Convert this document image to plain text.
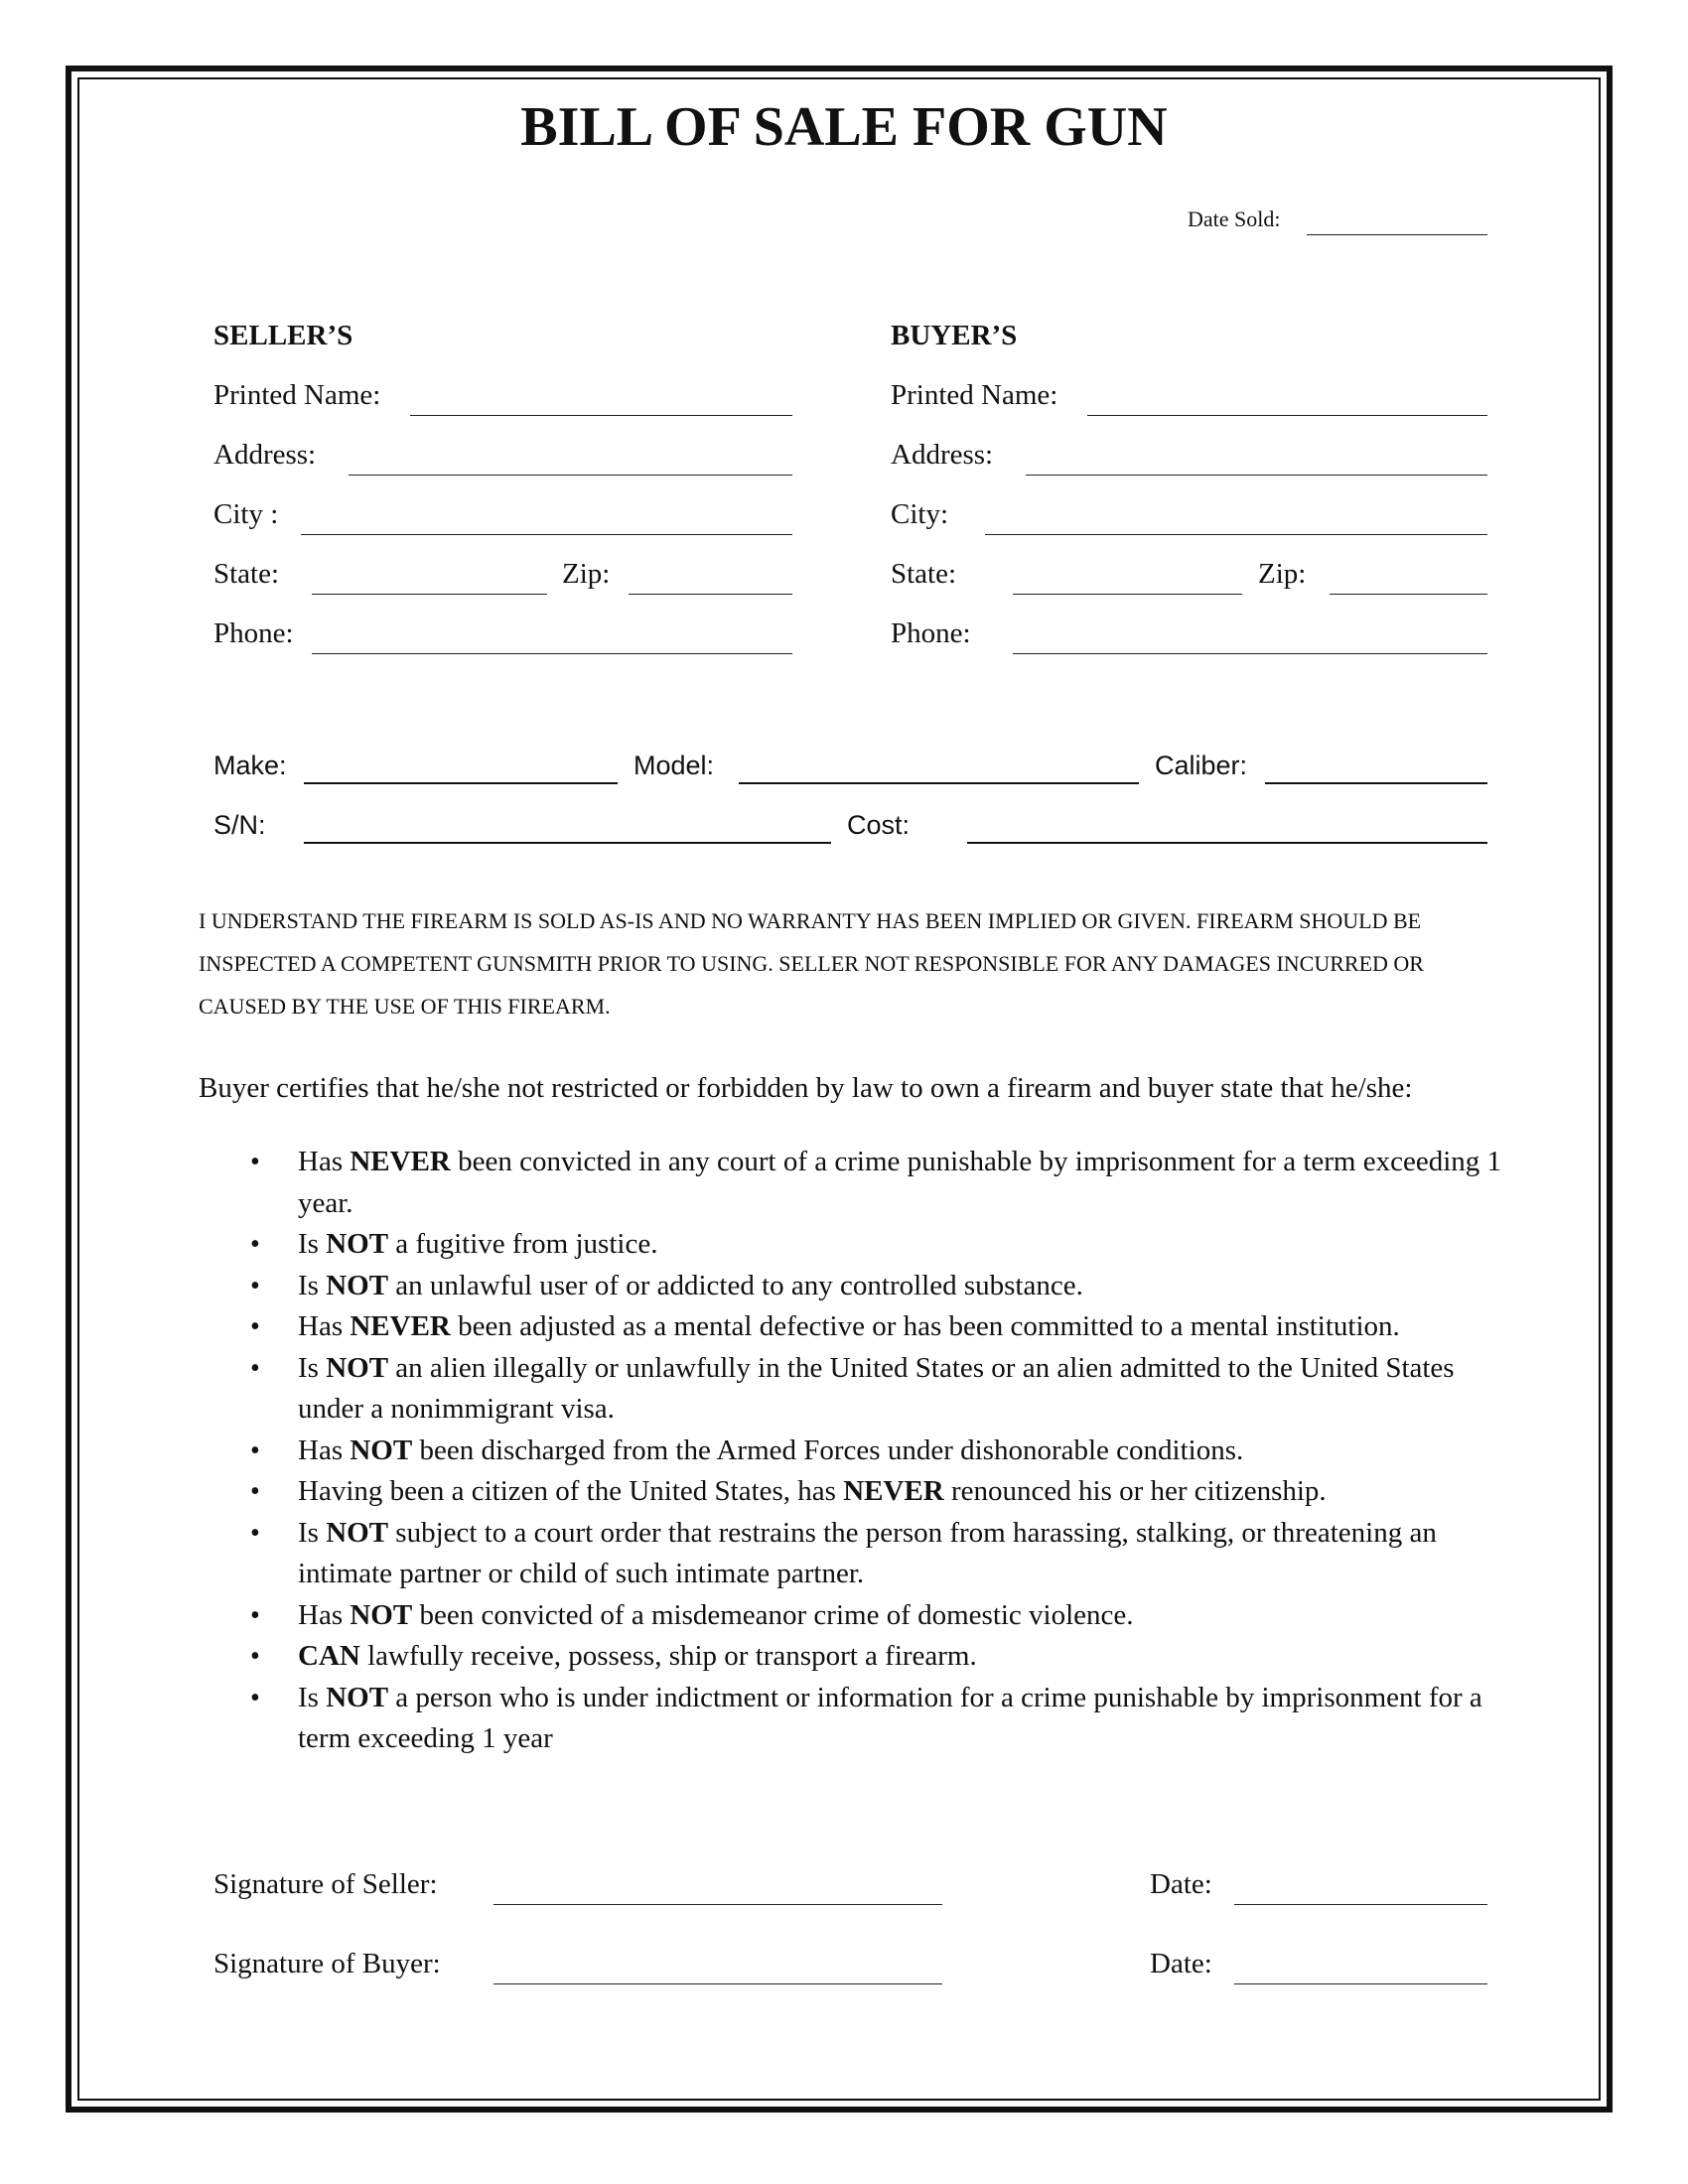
BILL OF SALE FOR GUN
Date Sold:
SELLER’S
Printed Name:
Address:
City :
State:	Zip:
Phone:
BUYER’S
Printed Name:
Address:
City:
State:	Zip:
Phone:
Make:	Model:	Caliber:
S/N:	Cost:
I UNDERSTAND THE FIREARM IS SOLD AS-IS AND NO WARRANTY HAS BEEN IMPLIED OR GIVEN. FIREARM SHOULD BE INSPECTED A COMPETENT GUNSMITH PRIOR TO USING. SELLER NOT RESPONSIBLE FOR ANY DAMAGES INCURRED OR CAUSED BY THE USE OF THIS FIREARM.
Buyer certifies that he/she not restricted or forbidden by law to own a firearm and buyer state that he/she:
• Has NEVER been convicted in any court of a crime punishable by imprisonment for a term exceeding 1 year.
• Is NOT a fugitive from justice.
• Is NOT an unlawful user of or addicted to any controlled substance.
• Has NEVER been adjusted as a mental defective or has been committed to a mental institution.
• Is NOT an alien illegally or unlawfully in the United States or an alien admitted to the United States under a nonimmigrant visa.
• Has NOT been discharged from the Armed Forces under dishonorable conditions.
• Having been a citizen of the United States, has NEVER renounced his or her citizenship.
• Is NOT subject to a court order that restrains the person from harassing, stalking, or threatening an intimate partner or child of such intimate partner.
• Has NOT been convicted of a misdemeanor crime of domestic violence.
• CAN lawfully receive, possess, ship or transport a firearm.
• Is NOT a person who is under indictment or information for a crime punishable by imprisonment for a term exceeding 1 year
Signature of Seller:	Date:
Signature of Buyer:	Date:
